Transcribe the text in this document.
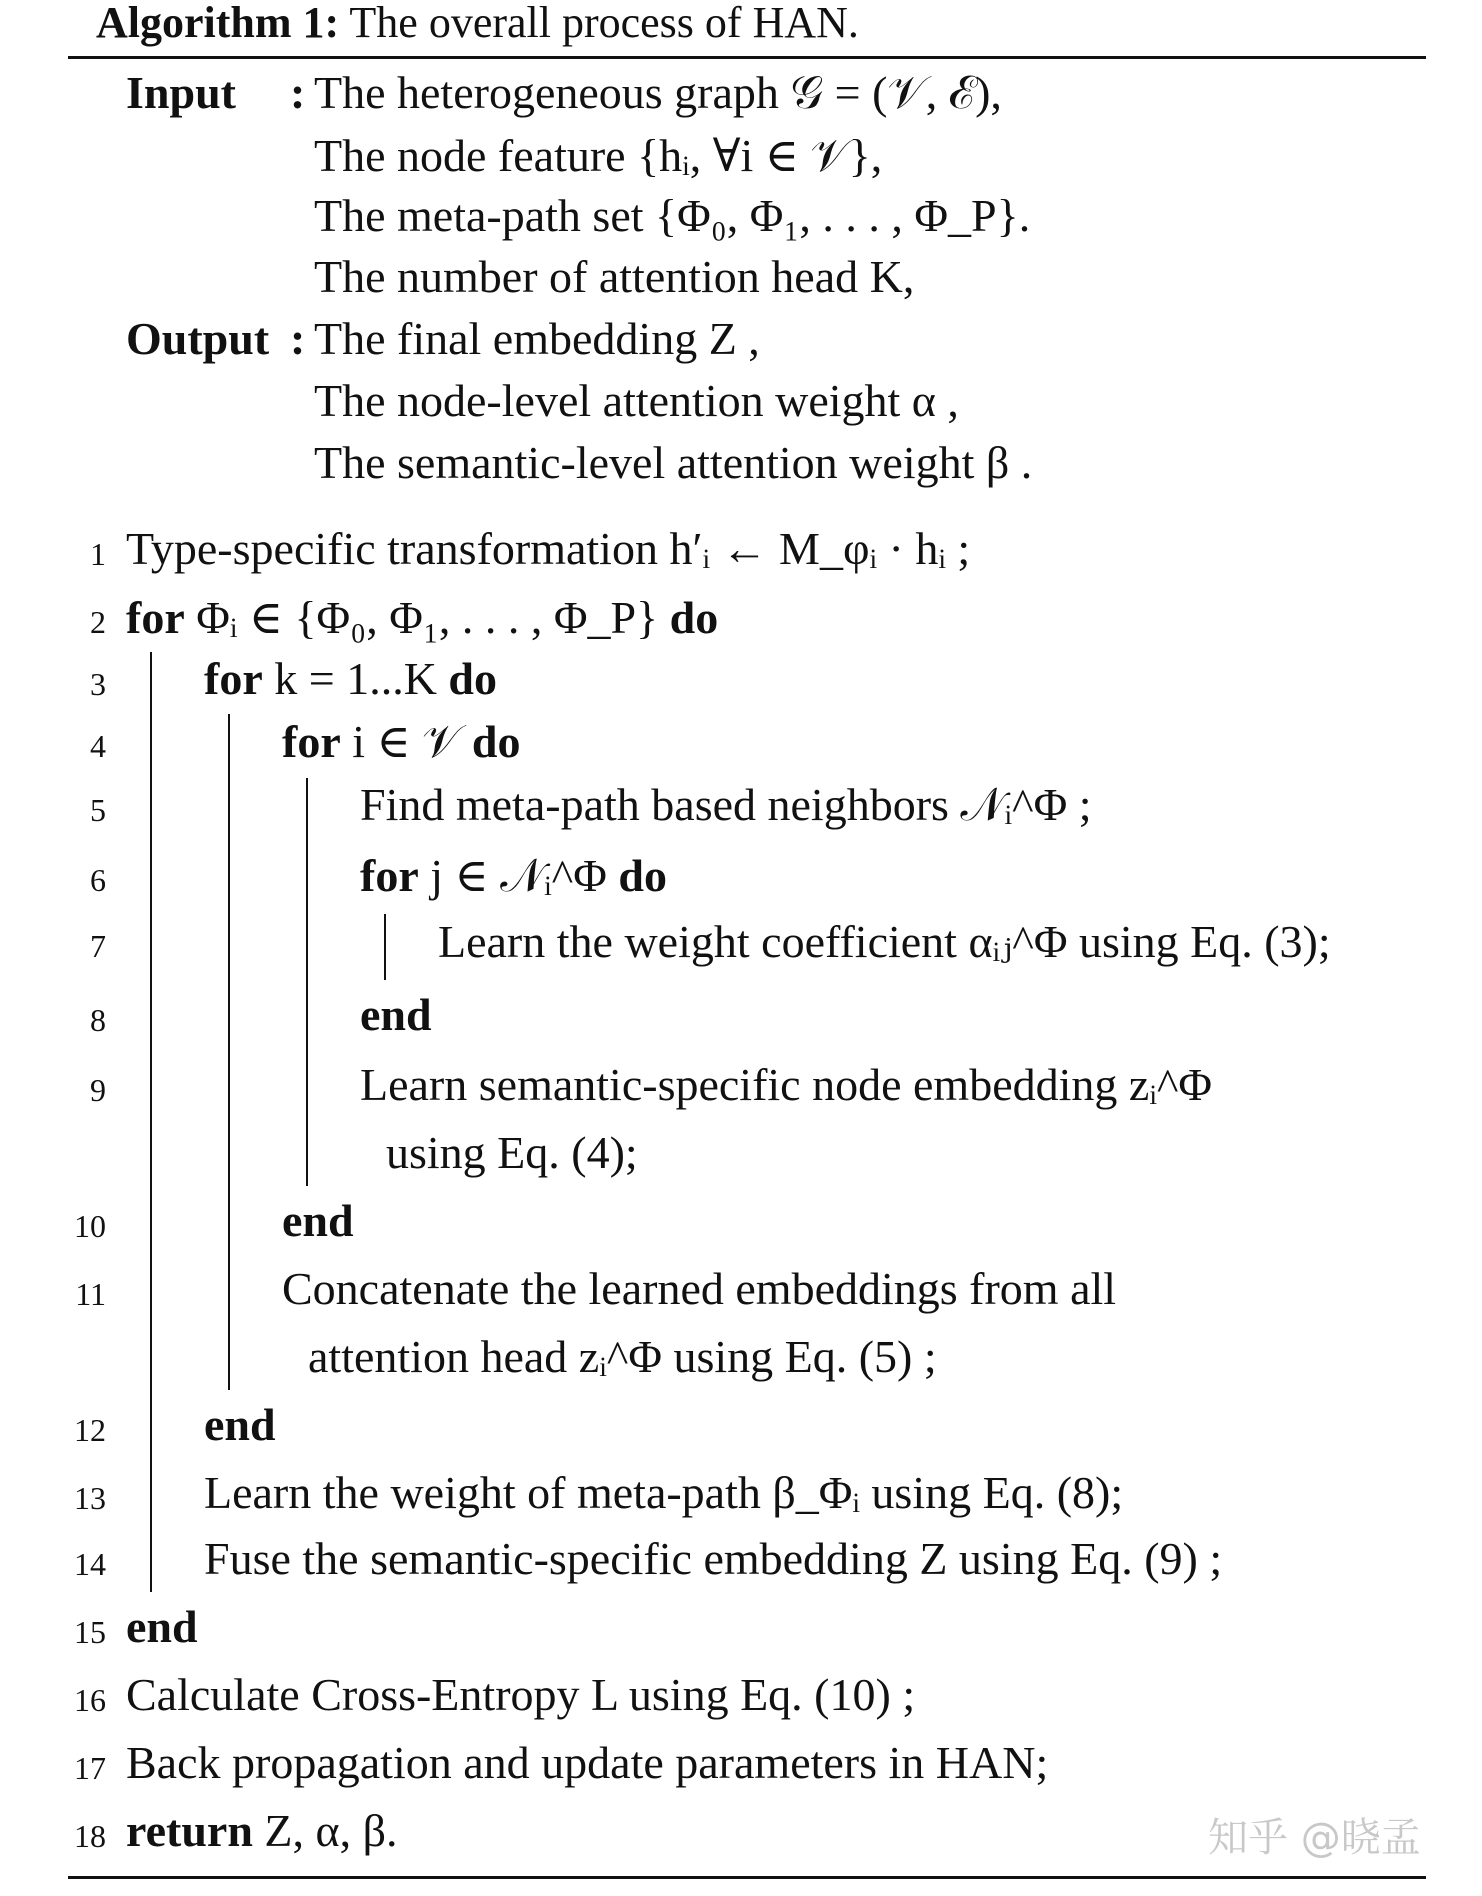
Algorithm 1: The overall process of HAN.
Input : The heterogeneous graph 𝒢 = (𝒱, ℰ),
The node feature {hᵢ, ∀i ∈ 𝒱},
The meta-path set {Φ₀, Φ₁, . . . , Φ_P}.
The number of attention head K,
Output : The final embedding Z ,
The node-level attention weight α ,
The semantic-level attention weight β .
1
2
3
4
5
6
7
8
9
10
11
12
13
14
15
16
17
18
Type-specific transformation h′ᵢ ← M_φᵢ · hᵢ ;
for Φᵢ ∈ {Φ₀, Φ₁, . . . , Φ_P} do
for k = 1...K do
for i ∈ 𝒱 do
Find meta-path based neighbors 𝒩ᵢ^Φ ;
for j ∈ 𝒩ᵢ^Φ do
Learn the weight coefficient αᵢⱼ^Φ using Eq. (3);
end
Learn semantic-specific node embedding zᵢ^Φ
using Eq. (4);
end
Concatenate the learned embeddings from all
attention head zᵢ^Φ using Eq. (5) ;
end
Learn the weight of meta-path β_Φᵢ using Eq. (8);
Fuse the semantic-specific embedding Z using Eq. (9) ;
end
Calculate Cross-Entropy L using Eq. (10) ;
Back propagation and update parameters in HAN;
return Z, α, β.	知乎 @晓孟
